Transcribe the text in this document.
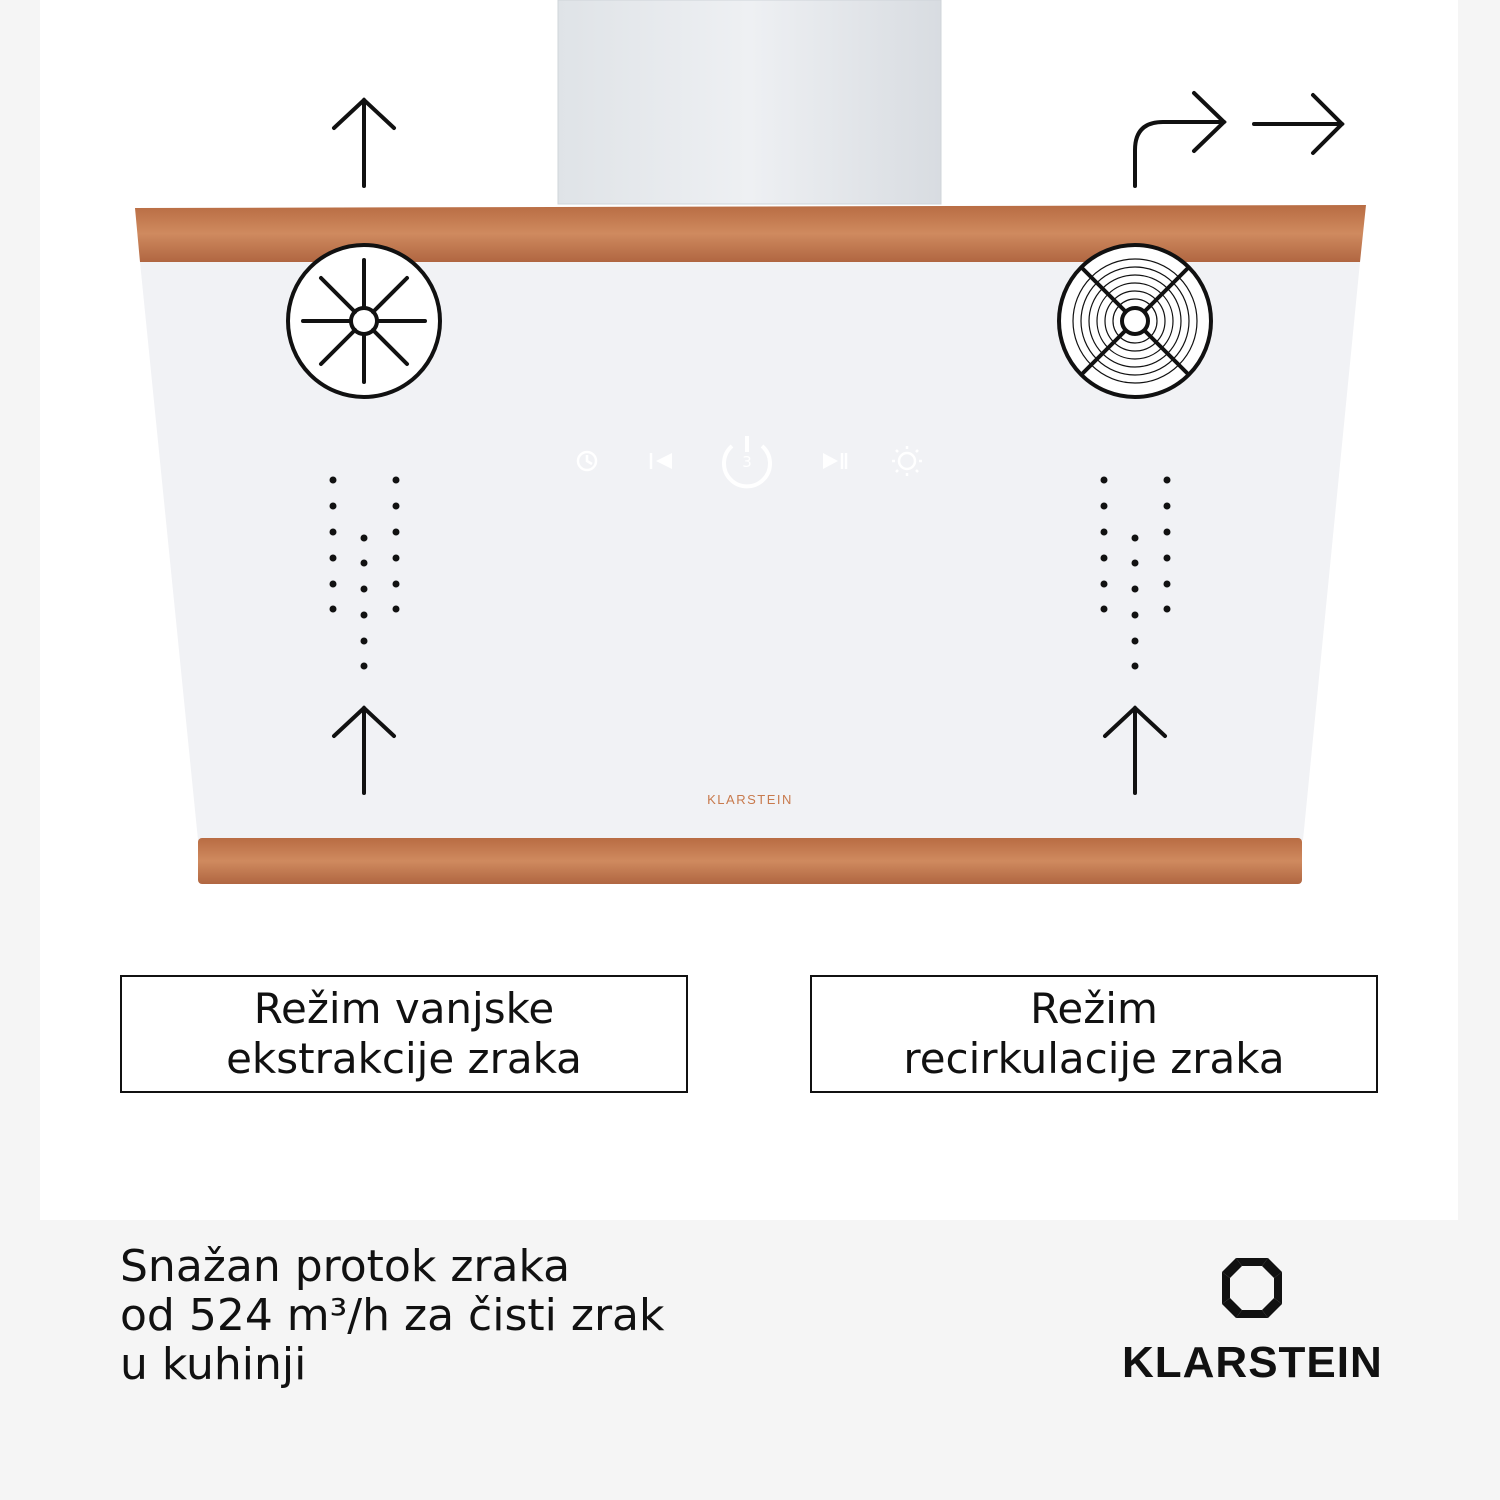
3
KLARSTEIN
Režim vanjske
ekstrakcije zraka
Režim
recirkulacije zraka
Snažan protok zraka
od 524 m³/h za čisti zrak
u kuhinji	KLARSTEIN
